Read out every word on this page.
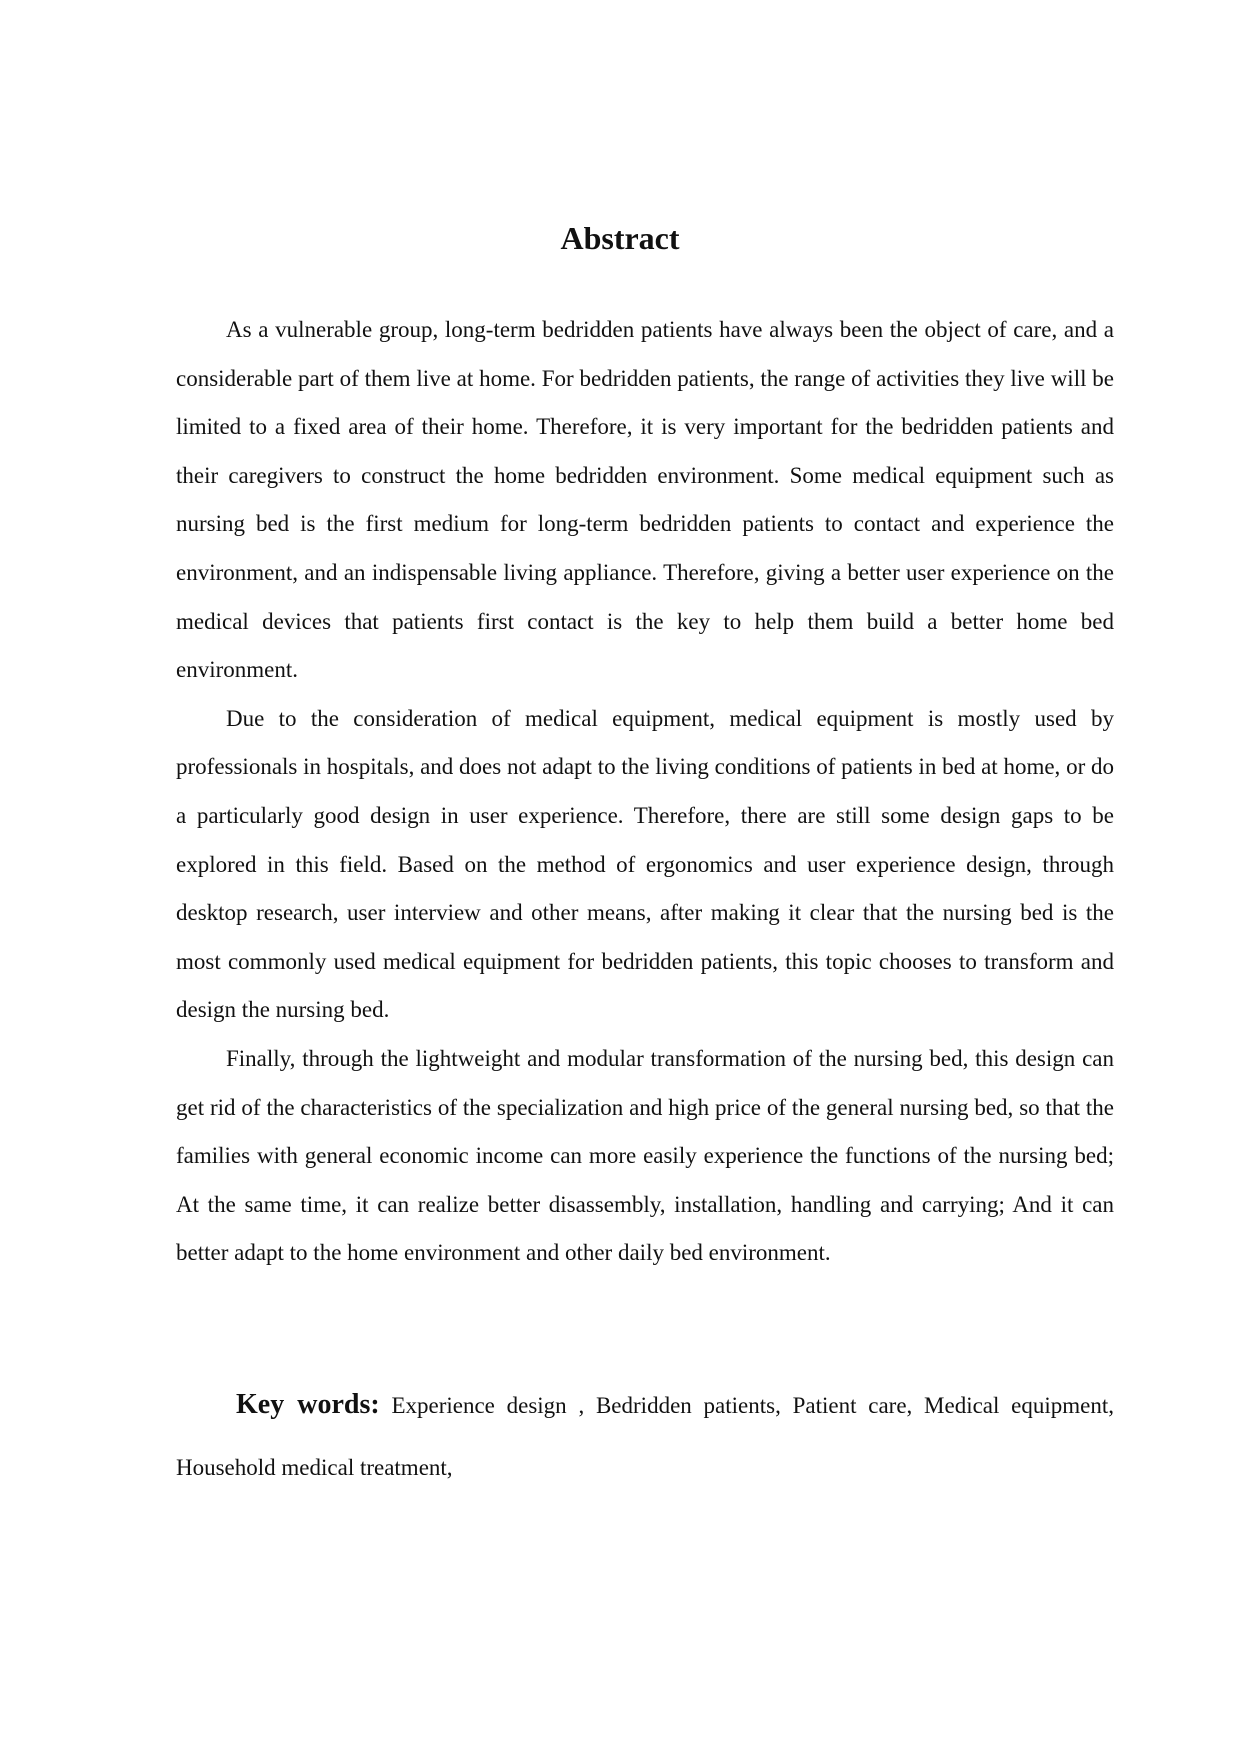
Abstract

As a vulnerable group, long-term bedridden patients have always been the object of care, and a considerable part of them live at home. For bedridden patients, the range of activities they live will be limited to a fixed area of their home. Therefore, it is very important for the bedridden patients and their caregivers to construct the home bedridden environment. Some medical equipment such as nursing bed is the first medium for long-term bedridden patients to contact and experience the environment, and an indispensable living appliance. Therefore, giving a better user experience on the medical devices that patients first contact is the key to help them build a better home bed environment.

Due to the consideration of medical equipment, medical equipment is mostly used by professionals in hospitals, and does not adapt to the living conditions of patients in bed at home, or do a particularly good design in user experience. Therefore, there are still some design gaps to be explored in this field. Based on the method of ergonomics and user experience design, through desktop research, user interview and other means, after making it clear that the nursing bed is the most commonly used medical equipment for bedridden patients, this topic chooses to transform and design the nursing bed.

Finally, through the lightweight and modular transformation of the nursing bed, this design can get rid of the characteristics of the specialization and high price of the general nursing bed, so that the families with general economic income can more easily experience the functions of the nursing bed; At the same time, it can realize better disassembly, installation, handling and carrying; And it can better adapt to the home environment and other daily bed environment.

Key words: Experience design , Bedridden patients, Patient care, Medical equipment, Household medical treatment,
